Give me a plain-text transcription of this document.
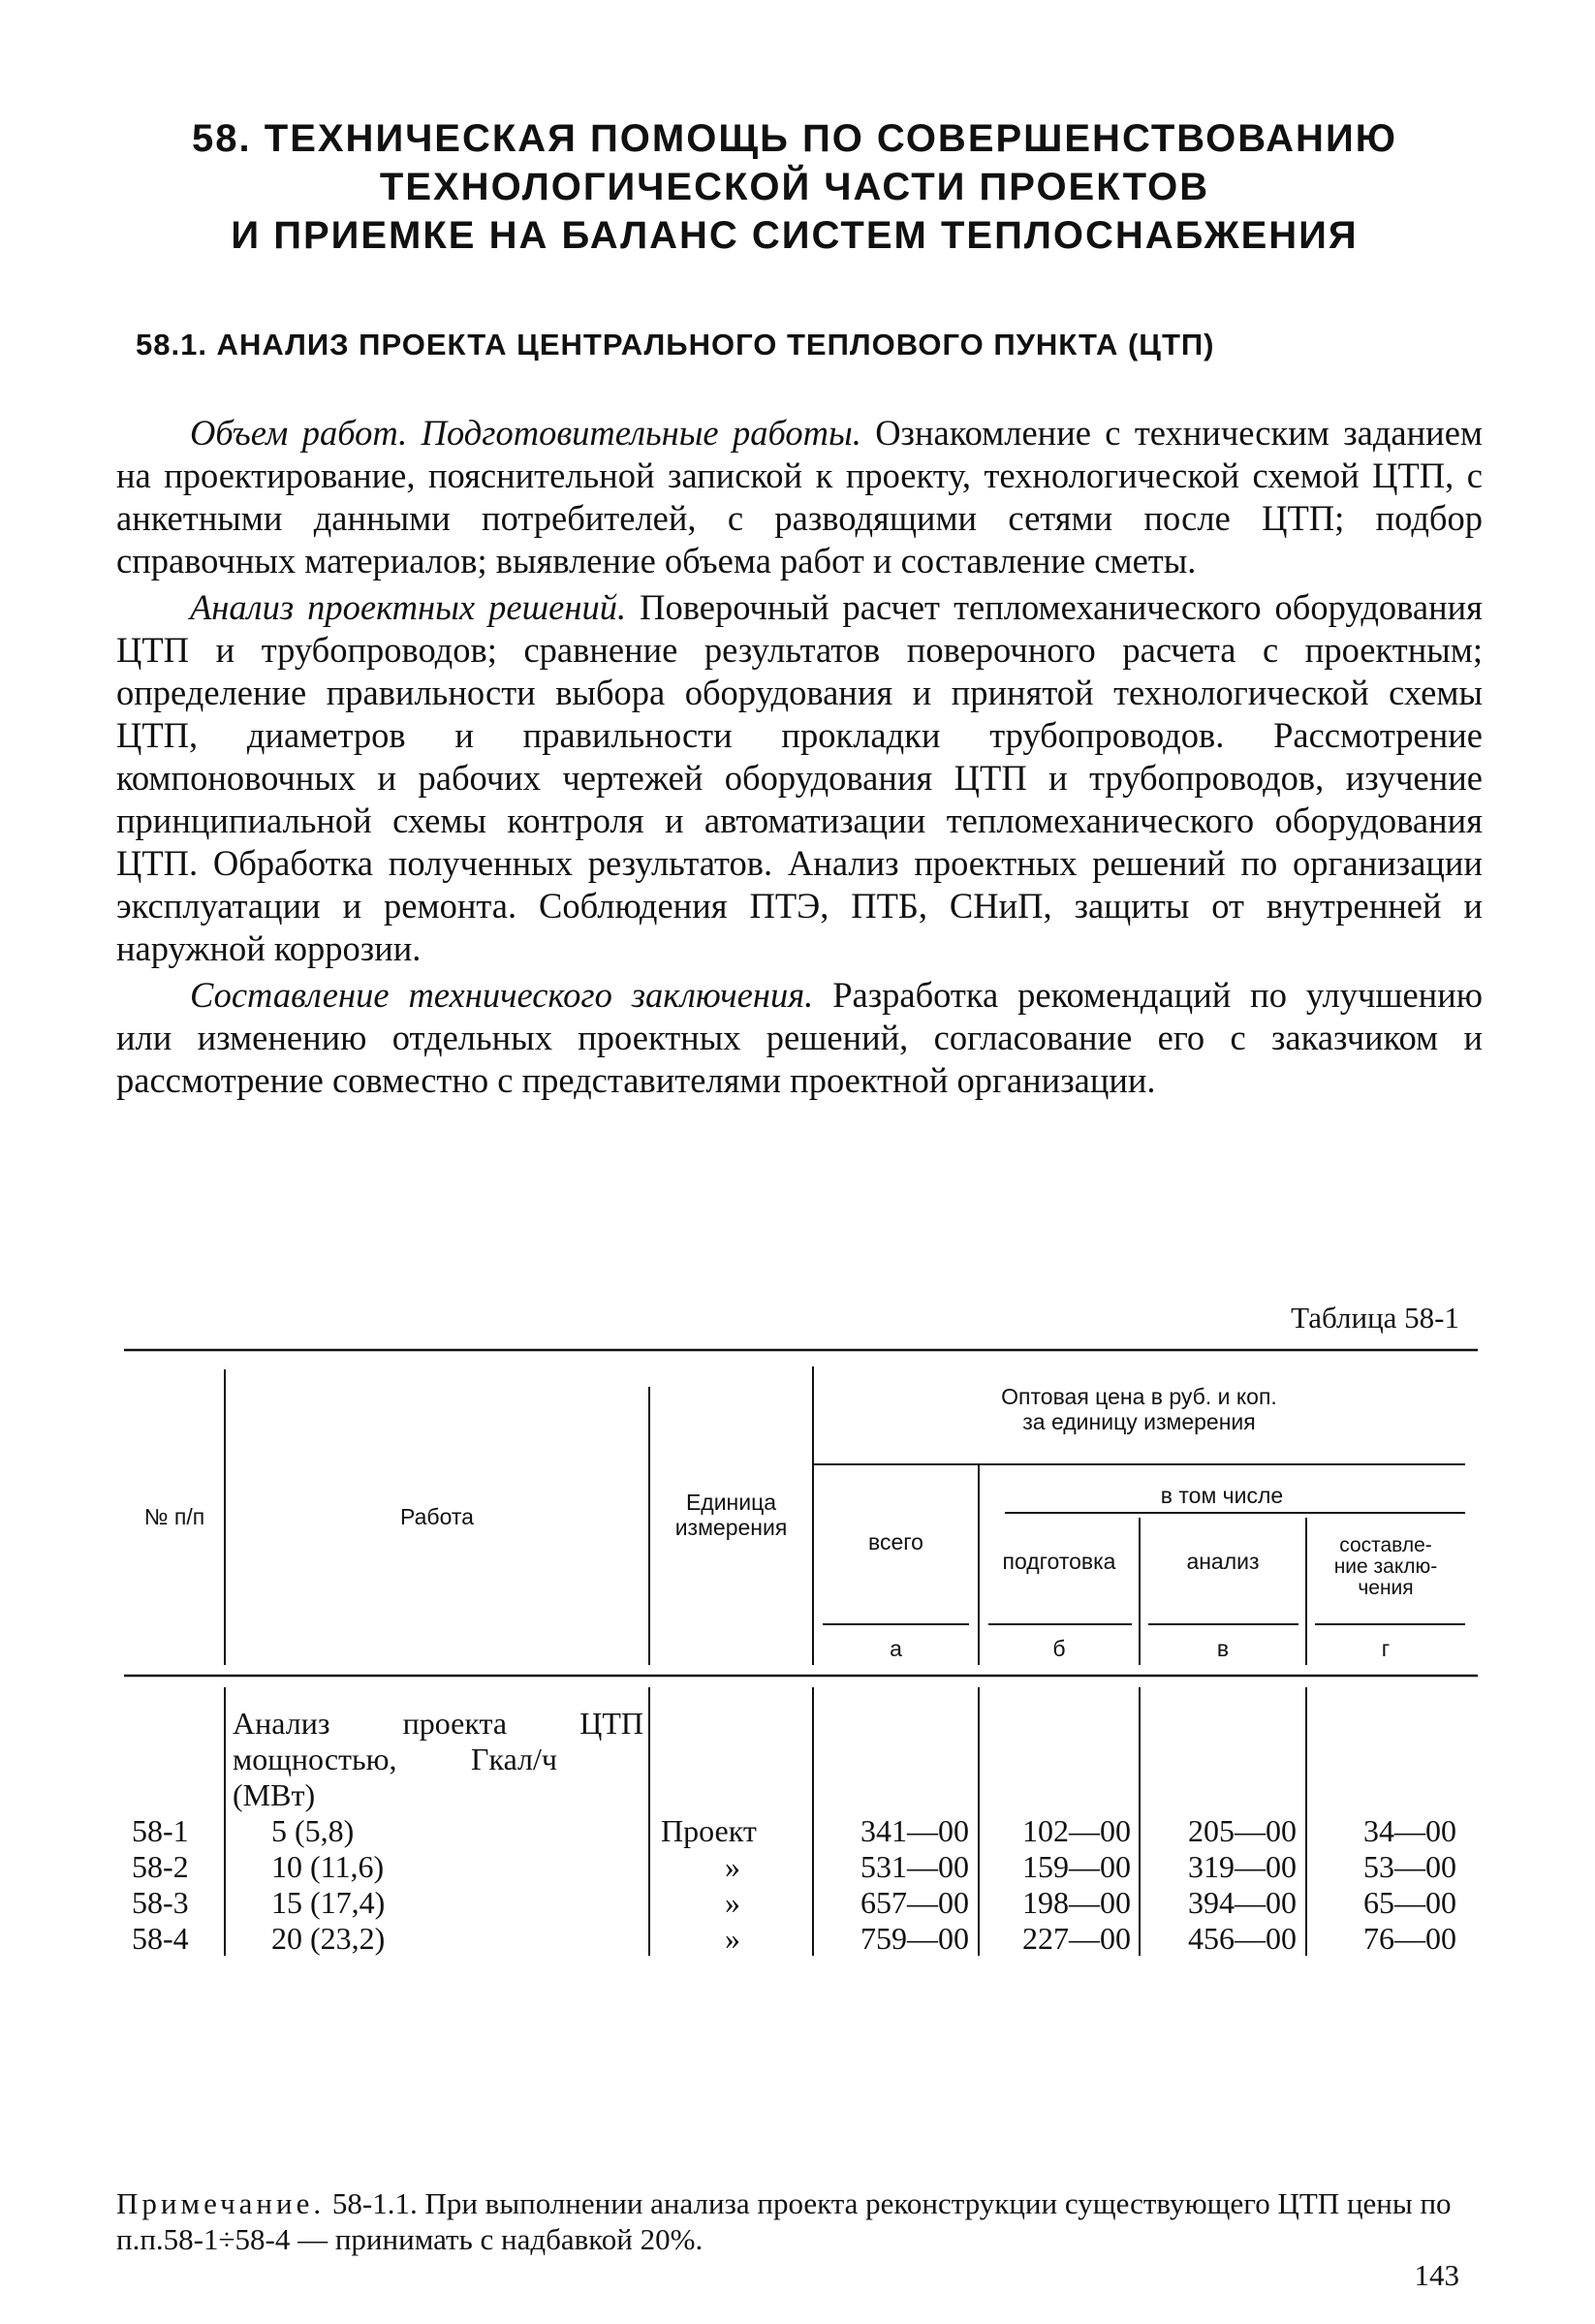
58. ТЕХНИЧЕСКАЯ ПОМОЩЬ ПО СОВЕРШЕНСТВОВАНИЮ
ТЕХНОЛОГИЧЕСКОЙ ЧАСТИ ПРОЕКТОВ
И ПРИЕМКЕ НА БАЛАНС СИСТЕМ ТЕПЛОСНАБЖЕНИЯ
58.1. АНАЛИЗ ПРОЕКТА ЦЕНТРАЛЬНОГО ТЕПЛОВОГО ПУНКТА (ЦТП)

Объем работ. Подготовительные работы. Ознакомление с техническим заданием на проектирование, пояснительной запиской к проекту, технологической схемой ЦТП, с анкетными данными потребителей, с разводящими сетями после ЦТП; подбор справочных материалов; выявление объема работ и составление сметы.

Анализ проектных решений. Поверочный расчет тепломеханического оборудования ЦТП и трубопроводов; сравнение результатов поверочного расчета с проектным; определение правильности выбора оборудования и принятой технологической схемы ЦТП, диаметров и правильности прокладки трубопроводов. Рассмотрение компоновочных и рабочих чертежей оборудования ЦТП и трубопроводов, изучение принципиальной схемы контроля и автоматизации тепломеханического оборудования ЦТП. Обработка полученных результатов. Анализ проектных решений по организации эксплуатации и ремонта. Соблюдения ПТЭ, ПТБ, СНиП, защиты от внутренней и наружной коррозии.

Составление технического заключения. Разработка рекомендаций по улучшению или изменению отдельных проектных решений, согласование его с заказчиком и рассмотрение совместно с представителями проектной организации.

Таблица 58-1
№ п/п	Работа
Единица
измерения
Оптовая цена в руб. и коп.
за единицу измерения
всего
в том числе
подготовка	анализ
составле-
ние заклю-
чения
а	б	в	г
Анализ проекта ЦТП
мощностью, Гкал/ч
(МВт)
58-1	5 (5,8)	Проект	341—00	102—00	205—00	34—00
58-2	10 (11,6)	»	531—00	159—00	319—00	53—00
58-3	15 (17,4)	»	657—00	198—00	394—00	65—00
58-4	20 (23,2)	»	759—00	227—00	456—00	76—00
Примечание. 58-1.1. При выполнении анализа проекта реконструкции существующего ЦТП цены по п.п.58-1÷58-4 — принимать с надбавкой 20%.
143
